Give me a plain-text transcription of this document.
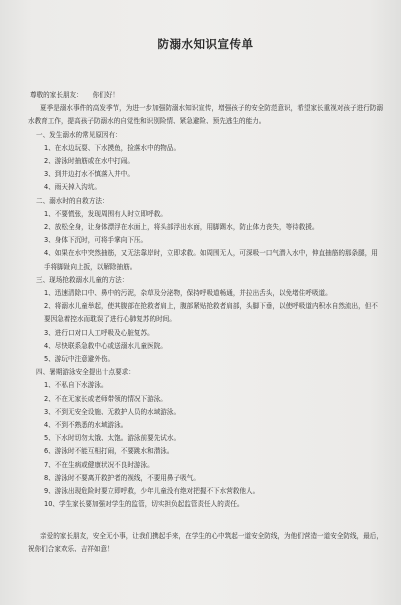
防溺水知识宣传单

尊敬的家长朋友：　　你们好！

夏季是溺水事件的高发季节，为进一步加强防溺水知识宣传，增强孩子的安全防范意识，希望家长重视对孩子进行防溺水教育工作，提高孩子防溺水的自觉性和识别险情、紧急避险、预先逃生的能力。

一、发生溺水的常见原因有：

1、在水边玩耍、下水摸鱼，捡落水中的物品。

2、游泳时抽筋或在水中打闹。

3、到井边打水不慎落入井中。

4、雨天掉入沟坑。

二、溺水时的自救方法：

1、不要慌张，发现周围有人时立即呼救。

2、放松全身，让身体漂浮在水面上，将头部浮出水面，用脚踢水，防止体力丧失，等待救援。

3、身体下沉时，可将手掌向下压。

4、如果在水中突然抽筋，又无法靠岸时，立即求救。如周围无人，可深吸一口气潜入水中，伸直抽筋的那条腿，用手将脚趾向上扳，以解除抽筋。

三、现场抢救溺水儿童的方法：

1、迅速清除口中、鼻中的污泥，杂草及分泌物，保持呼吸道畅通，并拉出舌头，以免堵住呼吸道。

2、将溺水儿童举起，使其腹部在抢救者肩上，腹部紧贴抢救者肩部，头脚下垂，以使呼吸道内积水自然流出，但不要因急着控水而耽误了进行心肺复苏的时间。

3、进行口对口人工呼吸及心脏复苏。

4、尽快联系急救中心或送溺水儿童医院。

5、游玩中注意避外伤。

四、暑期游泳安全提出十点要求：

1、不私自下水游泳。

2、不在无家长或老师带领的情况下游泳。

3、不到无安全设施、无救护人员的水域游泳。

4、不到不熟悉的水域游泳。

5、下水时切勿太饿、太饱。游泳前要先试水。

6、游泳时不能互相打闹，不要跳水和潜泳。

7、不在生病或健康状况不良时游泳。

8、游泳时不要离开救护者的视线，不要用鼻子吸气。

9、游泳出现危险时要立即呼救，少年儿童没有绝对把握不下水营救他人。

10、学生家长要加强对学生的监管，切实担负起监管责任人的责任。

亲爱的家长朋友，安全无小事，让我们携起手来，在学生的心中筑起一道安全防线，为他们营造一道安全防线，最后，祝你们合家欢乐、吉祥如意！
